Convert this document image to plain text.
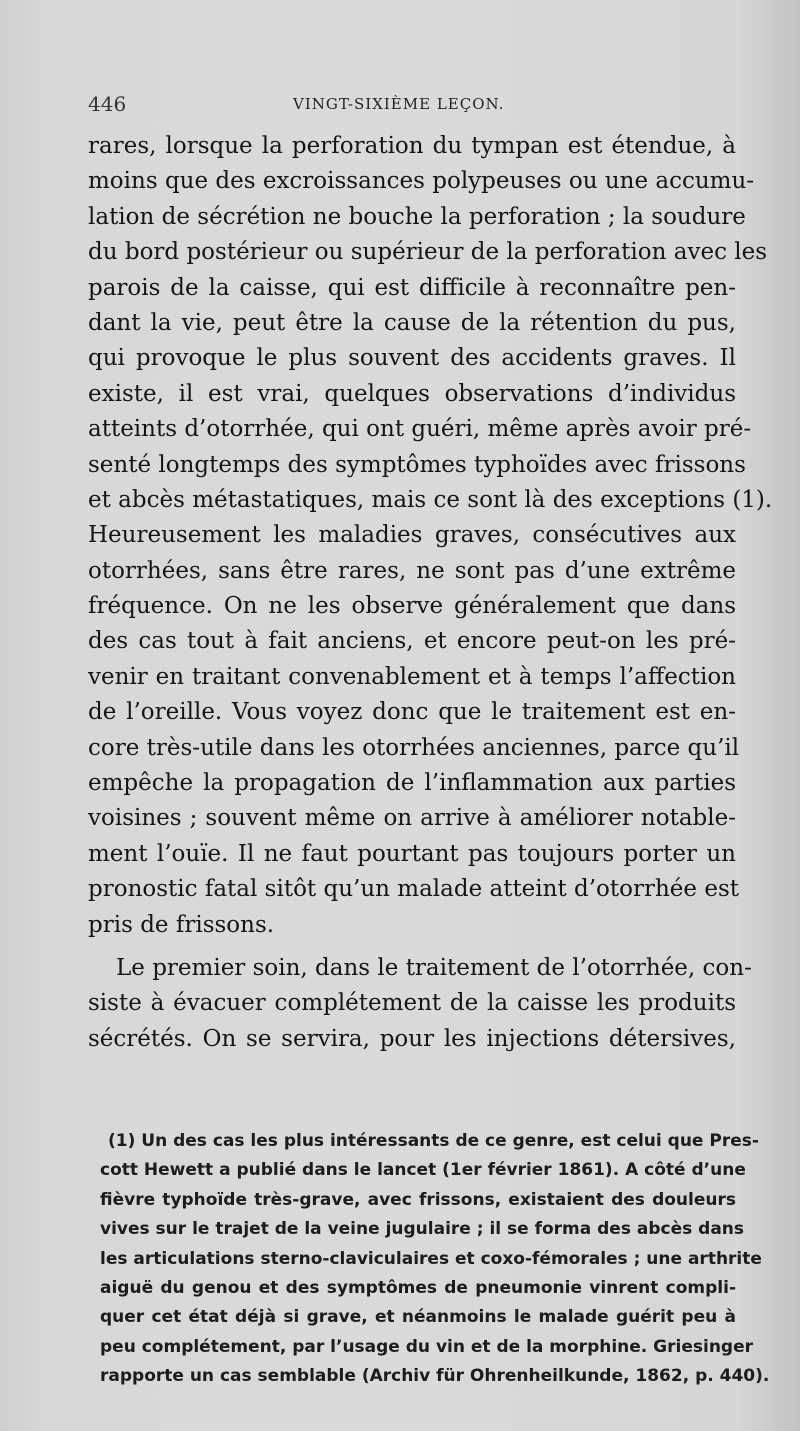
446	VINGT-SIXIÈME LEÇON.
rares, lorsque la perforation du tympan est étendue, à
moins que des excroissances polypeuses ou une accumu-
lation de sécrétion ne bouche la perforation ; la soudure
du bord postérieur ou supérieur de la perforation avec les
parois de la caisse, qui est difficile à reconnaître pen-
dant la vie, peut être la cause de la rétention du pus,
qui provoque le plus souvent des accidents graves. Il
existe, il est vrai, quelques observations d’individus
atteints d’otorrhée, qui ont guéri, même après avoir pré-
senté longtemps des symptômes typhoïdes avec frissons
et abcès métastatiques, mais ce sont là des exceptions (1).
Heureusement les maladies graves, consécutives aux
otorrhées, sans être rares, ne sont pas d’une extrême
fréquence. On ne les observe généralement que dans
des cas tout à fait anciens, et encore peut-on les pré-
venir en traitant convenablement et à temps l’affection
de l’oreille. Vous voyez donc que le traitement est en-
core très-utile dans les otorrhées anciennes, parce qu’il
empêche la propagation de l’inflammation aux parties
voisines ; souvent même on arrive à améliorer notable-
ment l’ouïe. Il ne faut pourtant pas toujours porter un
pronostic fatal sitôt qu’un malade atteint d’otorrhée est
pris de frissons.
Le premier soin, dans le traitement de l’otorrhée, con-
siste à évacuer complétement de la caisse les produits
sécrétés. On se servira, pour les injections détersives,
(1) Un des cas les plus intéressants de ce genre, est celui que Pres-
cott Hewett a publié dans le lancet (1er février 1861). A côté d’une
fièvre typhoïde très-grave, avec frissons, existaient des douleurs
vives sur le trajet de la veine jugulaire ; il se forma des abcès dans
les articulations sterno-claviculaires et coxo-fémorales ; une arthrite
aiguë du genou et des symptômes de pneumonie vinrent compli-
quer cet état déjà si grave, et néanmoins le malade guérit peu à
peu complétement, par l’usage du vin et de la morphine. Griesinger
rapporte un cas semblable (Archiv für Ohrenheilkunde, 1862, p. 440).
